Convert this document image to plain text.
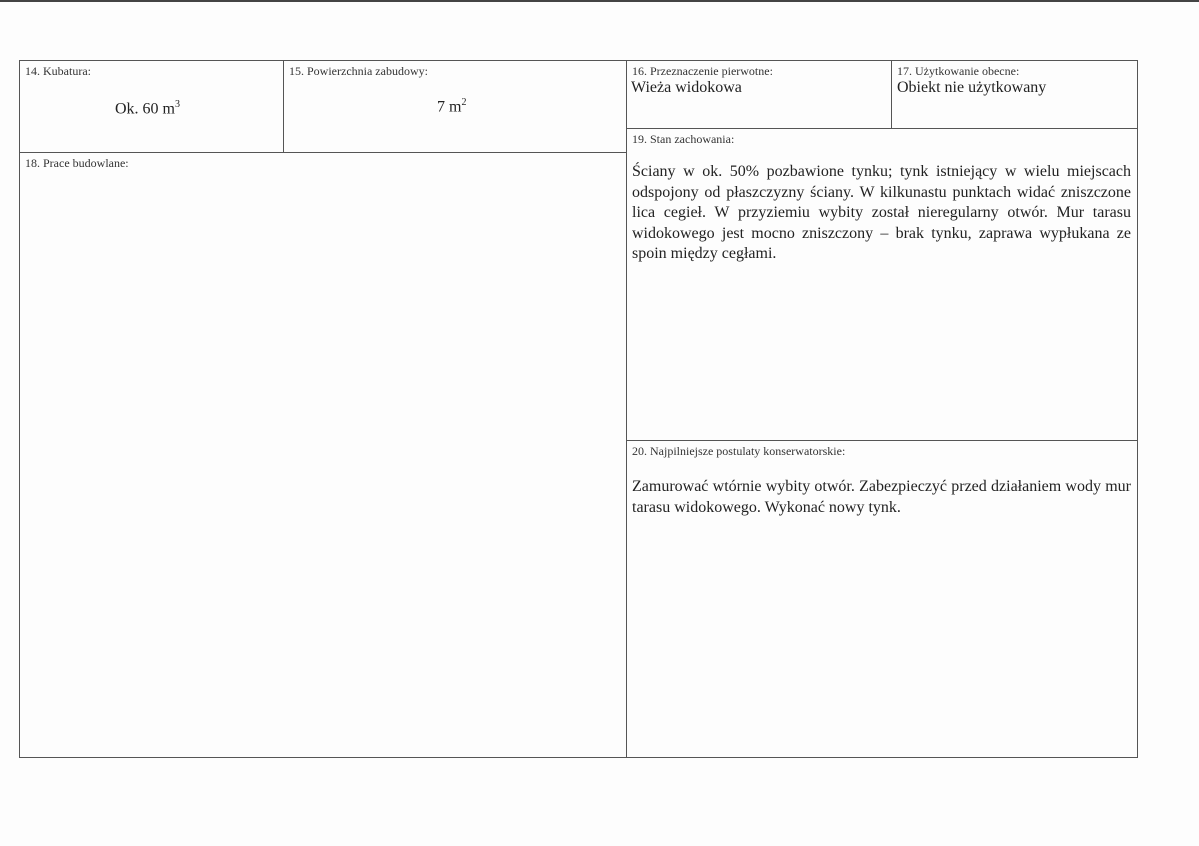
14. Kubatura:
Ok. 60 $m^3$
15. Powierzchnia zabudowy:
7 $m^2$
18. Prace budowlane:
16. Przeznaczenie pierwotne:
Wieża widokowa
17. Użytkowanie obecne:
Obiekt nie użytkowany
19. Stan zachowania:
Ściany w ok. 50% pozbawione tynku; tynk istniejący w wielu miejscach odspojony od płaszczyzny ściany. W kilkunastu punktach widać zniszczone lica cegieł. W przyziemiu wybity został nieregularny otwór. Mur tarasu widokowego jest mocno zniszczony – brak tynku, zaprawa wypłukana ze spoin między cegłami.
20. Najpilniejsze postulaty konserwatorskie:
Zamurować wtórnie wybity otwór. Zabezpieczyć przed działaniem wody mur tarasu widokowego. Wykonać nowy tynk.
